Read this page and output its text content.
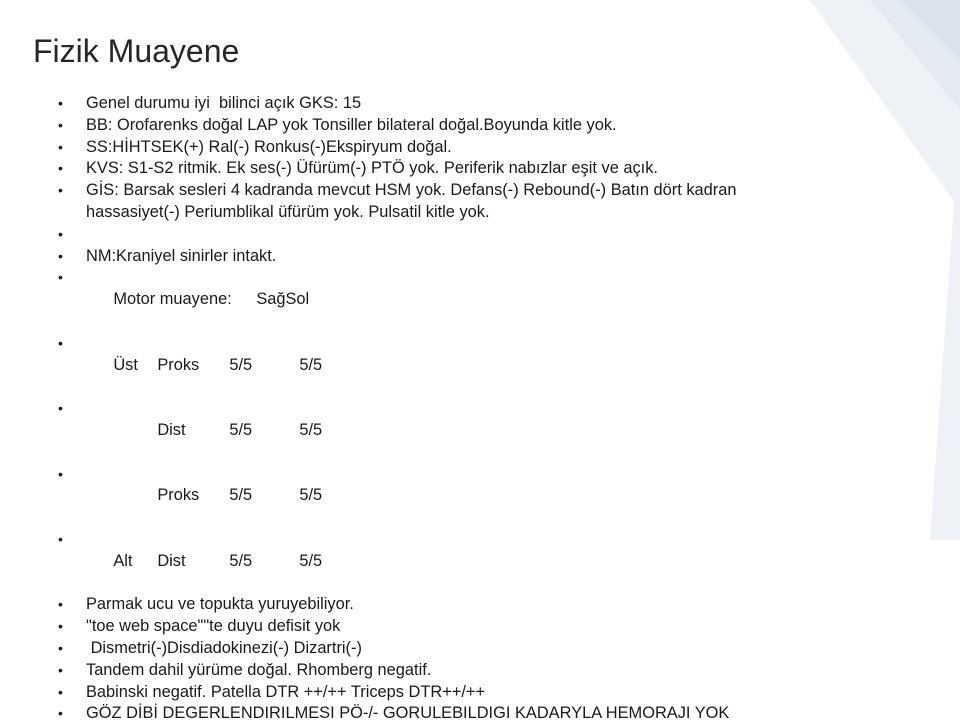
Fizik Muayene
•	Genel durumu iyi  bilinci açık GKS: 15
•	BB: Orofarenks doğal LAP yok Tonsiller bilateral doğal.Boyunda kitle yok.
•	SS:HİHTSEK(+) Ral(-) Ronkus(-)Ekspiryum doğal.
•	KVS: S1-S2 ritmik. Ek ses(-) Üfürüm(-) PTÖ yok. Periferik nabızlar eşit ve açık.
•	GİS: Barsak sesleri 4 kadranda mevcut HSM yok. Defans(-) Rebound(-) Batın dört kadran hassasiyet(-) Periumblikal üfürüm yok. Pulsatil kitle yok.
•
•	NM:Kraniyel sinirler intakt.
•

Motor muayene: SağSol

•

Üst Proks 5/5	5/5

•

Dist	5/5	5/5

•

Proks 5/5	5/5

•

Alt Dist	5/5	5/5

•	Parmak ucu ve topukta yuruyebiliyor.
•	"toe web space""te duyu defisit yok
•	Dismetri(-)Disdiadokinezi(-) Dizartri(-)
•	Tandem dahil yürüme doğal. Rhomberg negatif.
•	Babinski negatif. Patella DTR ++/++ Triceps DTR++/++
•	GÖZ DİBİ DEGERLENDIRILMESI PÖ-/- GORULEBILDIGI KADARYLA HEMORAJI YOK
